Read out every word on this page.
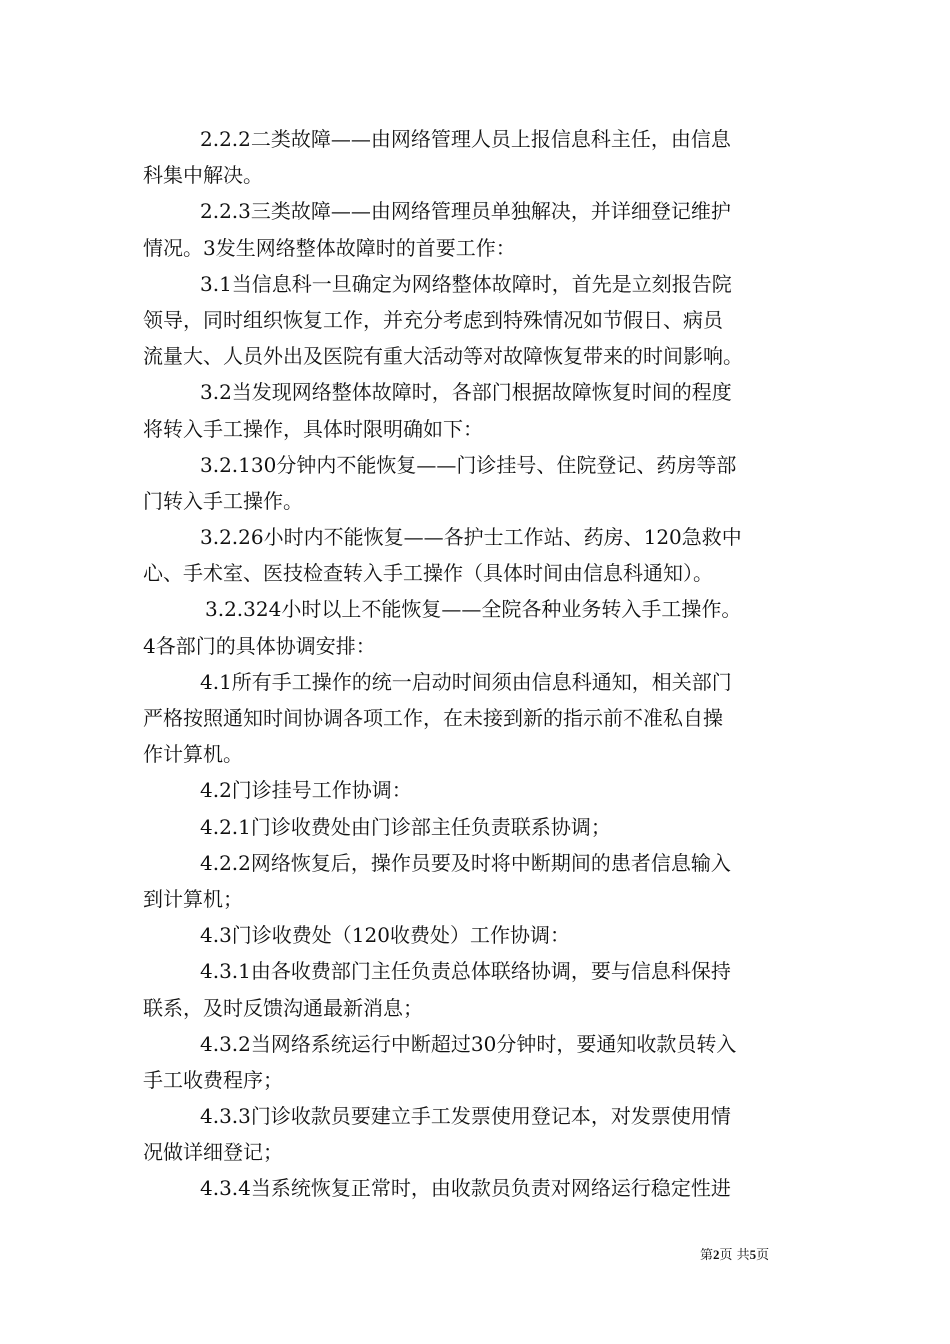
2.2.2二类故障——由网络管理人员上报信息科主任，由信息
科集中解决。
2.2.3三类故障——由网络管理员单独解决，并详细登记维护
情况。3发生网络整体故障时的首要工作：
3.1当信息科一旦确定为网络整体故障时，首先是立刻报告院
领导，同时组织恢复工作，并充分考虑到特殊情况如节假日、病员
流量大、人员外出及医院有重大活动等对故障恢复带来的时间影响。
3.2当发现网络整体故障时，各部门根据故障恢复时间的程度
将转入手工操作，具体时限明确如下：
3.2.130分钟内不能恢复——门诊挂号、住院登记、药房等部
门转入手工操作。
3.2.26小时内不能恢复——各护士工作站、药房、120急救中
心、手术室、医技检查转入手工操作（具体时间由信息科通知）。
3.2.324小时以上不能恢复——全院各种业务转入手工操作。
4各部门的具体协调安排：
4.1所有手工操作的统一启动时间须由信息科通知，相关部门
严格按照通知时间协调各项工作，在未接到新的指示前不准私自操
作计算机。
4.2门诊挂号工作协调：
4.2.1门诊收费处由门诊部主任负责联系协调；
4.2.2网络恢复后，操作员要及时将中断期间的患者信息输入
到计算机；
4.3门诊收费处（120收费处）工作协调：
4.3.1由各收费部门主任负责总体联络协调，要与信息科保持
联系，及时反馈沟通最新消息；
4.3.2当网络系统运行中断超过30分钟时，要通知收款员转入
手工收费程序；
4.3.3门诊收款员要建立手工发票使用登记本，对发票使用情
况做详细登记；
4.3.4当系统恢复正常时，由收款员负责对网络运行稳定性进
第2页 共5页
